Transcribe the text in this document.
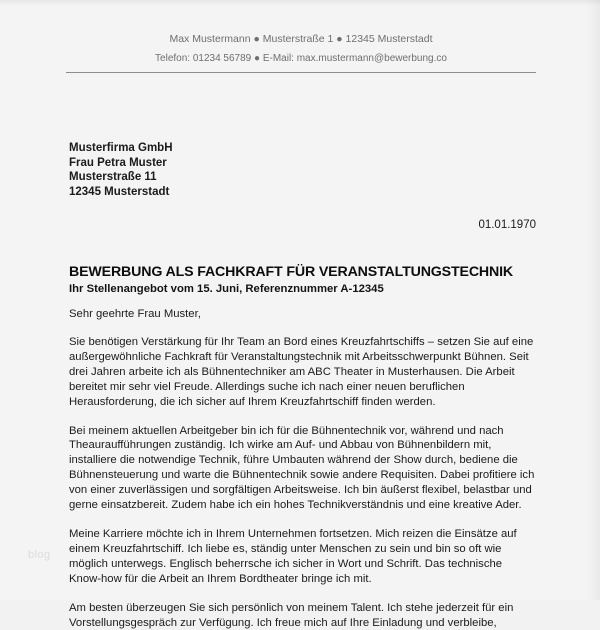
blog
Max Mustermann ● Musterstraße 1 ● 12345 Musterstadt
Telefon: 01234 56789 ● E-Mail: max.mustermann@bewerbung.co
Musterfirma GmbH
Frau Petra Muster
Musterstraße 11
12345 Musterstadt
01.01.1970
BEWERBUNG ALS FACHKRAFT FÜR VERANSTALTUNGSTECHNIK
Ihr Stellenangebot vom 15. Juni, Referenznummer A-12345
Sehr geehrte Frau Muster,

Sie benötigen Verstärkung für Ihr Team an Bord eines Kreuzfahrtschiffs – setzen Sie auf eine außergewöhnliche Fachkraft für Veranstaltungstechnik mit Arbeitsschwerpunkt Bühnen. Seit drei Jahren arbeite ich als Bühnentechniker am ABC Theater in Musterhausen. Die Arbeit bereitet mir sehr viel Freude. Allerdings suche ich nach einer neuen beruflichen Herausforderung, die ich sicher auf Ihrem Kreuzfahrtschiff finden werden.

Bei meinem aktuellen Arbeitgeber bin ich für die Bühnentechnik vor, während und nach Theauraufführungen zuständig. Ich wirke am Auf- und Abbau von Bühnenbildern mit, installiere die notwendige Technik, führe Umbauten während der Show durch, bediene die Bühnensteuerung und warte die Bühnentechnik sowie andere Requisiten. Dabei profitiere ich von einer zuverlässigen und sorgfältigen Arbeitsweise. Ich bin äußerst flexibel, belastbar und gerne einsatzbereit. Zudem habe ich ein hohes Technikverständnis und eine kreative Ader.

Meine Karriere möchte ich in Ihrem Unternehmen fortsetzen. Mich reizen die Einsätze auf einem Kreuzfahrtschiff. Ich liebe es, ständig unter Menschen zu sein und bin so oft wie möglich unterwegs. Englisch beherrsche ich sicher in Wort und Schrift. Das technische Know-how für die Arbeit an Ihrem Bordtheater bringe ich mit.

Am besten überzeugen Sie sich persönlich von meinem Talent. Ich stehe jederzeit für ein Vorstellungsgespräch zur Verfügung. Ich freue mich auf Ihre Einladung und verbleibe,
